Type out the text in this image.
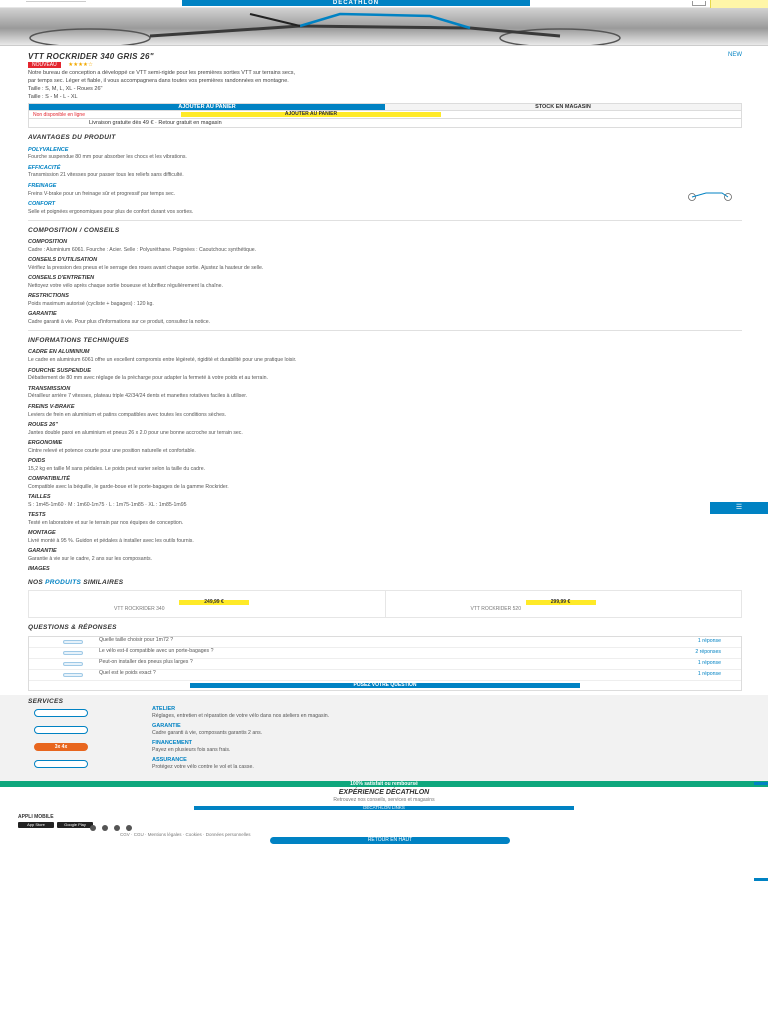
DECATHLON
VTT ROCKRIDER 340 GRIS 26"	NEW
NOUVEAU ★★★★☆
Notre bureau de conception a développé ce VTT semi-rigide pour les premières sorties VTT sur terrains secs,
par temps sec. Léger et fiable, il vous accompagnera dans toutes vos premières randonnées en montagne.
Taille : S, M, L, XL - Roues 26"
Taille : S - M - L - XL
AJOUTER AU PANIER	STOCK EN MAGASIN
Non disponible en ligne	AJOUTER AU PANIER
Livraison gratuite dès 49 € · Retour gratuit en magasin
AVANTAGES DU PRODUIT
POLYVALENCE
Fourche suspendue 80 mm pour absorber les chocs et les vibrations.
EFFICACITÉ
Transmission 21 vitesses pour passer tous les reliefs sans difficulté.
FREINAGE
Freins V-brake pour un freinage sûr et progressif par temps sec.
CONFORT
Selle et poignées ergonomiques pour plus de confort durant vos sorties.
COMPOSITION / CONSEILS
COMPOSITION
Cadre : Aluminium 6061. Fourche : Acier. Selle : Polyuréthane. Poignées : Caoutchouc synthétique.
CONSEILS D'UTILISATION
Vérifiez la pression des pneus et le serrage des roues avant chaque sortie. Ajustez la hauteur de selle.
CONSEILS D'ENTRETIEN
Nettoyez votre vélo après chaque sortie boueuse et lubrifiez régulièrement la chaîne.
RESTRICTIONS
Poids maximum autorisé (cycliste + bagages) : 120 kg.
GARANTIE
Cadre garanti à vie. Pour plus d'informations sur ce produit, consultez la notice.
INFORMATIONS TECHNIQUES
CADRE EN ALUMINIUM
Le cadre en aluminium 6061 offre un excellent compromis entre légèreté, rigidité et durabilité pour une pratique loisir.
FOURCHE SUSPENDUE
Débattement de 80 mm avec réglage de la précharge pour adapter la fermeté à votre poids et au terrain.
TRANSMISSION
Dérailleur arrière 7 vitesses, plateau triple 42/34/24 dents et manettes rotatives faciles à utiliser.
FREINS V-BRAKE
Leviers de frein en aluminium et patins compatibles avec toutes les conditions sèches.
ROUES 26"
Jantes double paroi en aluminium et pneus 26 x 2.0 pour une bonne accroche sur terrain sec.
ERGONOMIE
Cintre relevé et potence courte pour une position naturelle et confortable.
POIDS
15,2 kg en taille M sans pédales. Le poids peut varier selon la taille du cadre.
COMPATIBILITÉ
Compatible avec la béquille, le garde-boue et le porte-bagages de la gamme Rockrider.
TAILLES
S : 1m45-1m60 · M : 1m60-1m75 · L : 1m75-1m85 · XL : 1m85-1m95
TESTS
Testé en laboratoire et sur le terrain par nos équipes de conception.
MONTAGE
Livré monté à 95 %. Guidon et pédales à installer avec les outils fournis.
GARANTIE
Garantie à vie sur le cadre, 2 ans sur les composants.
IMAGES
NOS PRODUITS SIMILAIRES
249,99 €
VTT ROCKRIDER 340
299,99 €
VTT ROCKRIDER 520
QUESTIONS & RÉPONSES
Quelle taille choisir pour 1m72 ?	1 réponse
Le vélo est-il compatible avec un porte-bagages ?	2 réponses
Peut-on installer des pneus plus larges ?	1 réponse
Quel est le poids exact ?	1 réponse
POSEZ VOTRE QUESTION
SERVICES
ATELIER
Réglages, entretien et réparation de votre vélo dans nos ateliers en magasin.
GARANTIE
Cadre garanti à vie, composants garantis 2 ans.
3x 4x
FINANCEMENT
Payez en plusieurs fois sans frais.
ASSURANCE
Protégez votre vélo contre le vol et la casse.
100% satisfait ou remboursé
EXPÉRIENCE DÉCATHLON
Retrouvez nos conseils, services et magasins
DECATHLON LINKS
APPLI MOBILE
App Store	Google Play
CGV · CGU · Mentions légales · Cookies · Données personnelles
RETOUR EN HAUT
☰
